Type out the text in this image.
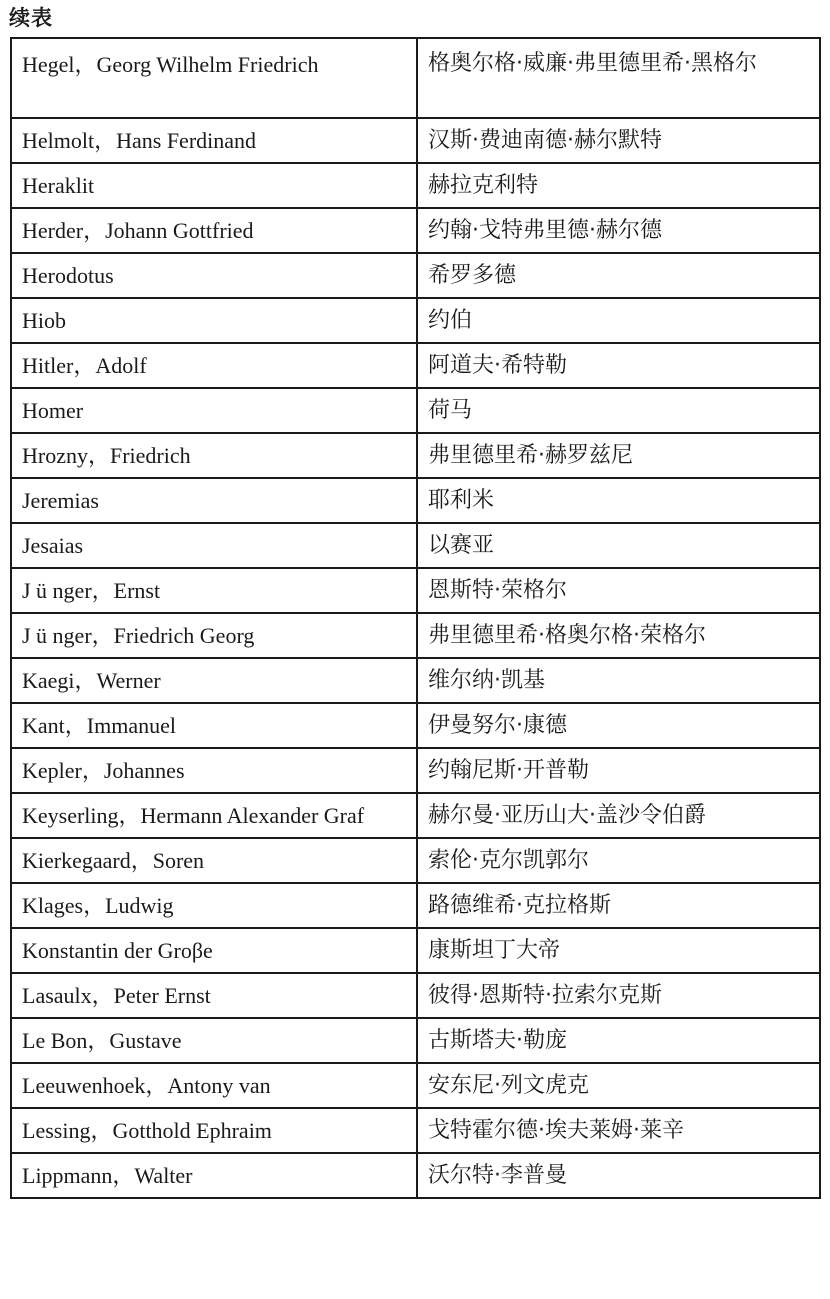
续表
Hegel，Georg Wilhelm Friedrich	格奥尔格·威廉·弗里德里希·黑格尔
Helmolt，Hans Ferdinand	汉斯·费迪南德·赫尔默特
Heraklit	赫拉克利特
Herder，Johann Gottfried	约翰·戈特弗里德·赫尔德
Herodotus	希罗多德
Hiob	约伯
Hitler，Adolf	阿道夫·希特勒
Homer	荷马
Hrozny，Friedrich	弗里德里希·赫罗兹尼
Jeremias	耶利米
Jesaias	以赛亚
J ü nger，Ernst	恩斯特·荣格尔
J ü nger，Friedrich Georg	弗里德里希·格奥尔格·荣格尔
Kaegi，Werner	维尔纳·凯基
Kant，Immanuel	伊曼努尔·康德
Kepler，Johannes	约翰尼斯·开普勒
Keyserling，Hermann Alexander Graf	赫尔曼·亚历山大·盖沙令伯爵
Kierkegaard，Soren	索伦·克尔凯郭尔
Klages，Ludwig	路德维希·克拉格斯
Konstantin der Groβe	康斯坦丁大帝
Lasaulx，Peter Ernst	彼得·恩斯特·拉索尔克斯
Le Bon，Gustave	古斯塔夫·勒庞
Leeuwenhoek，Antony van	安东尼·列文虎克
Lessing，Gotthold Ephraim	戈特霍尔德·埃夫莱姆·莱辛
Lippmann，Walter	沃尔特·李普曼
